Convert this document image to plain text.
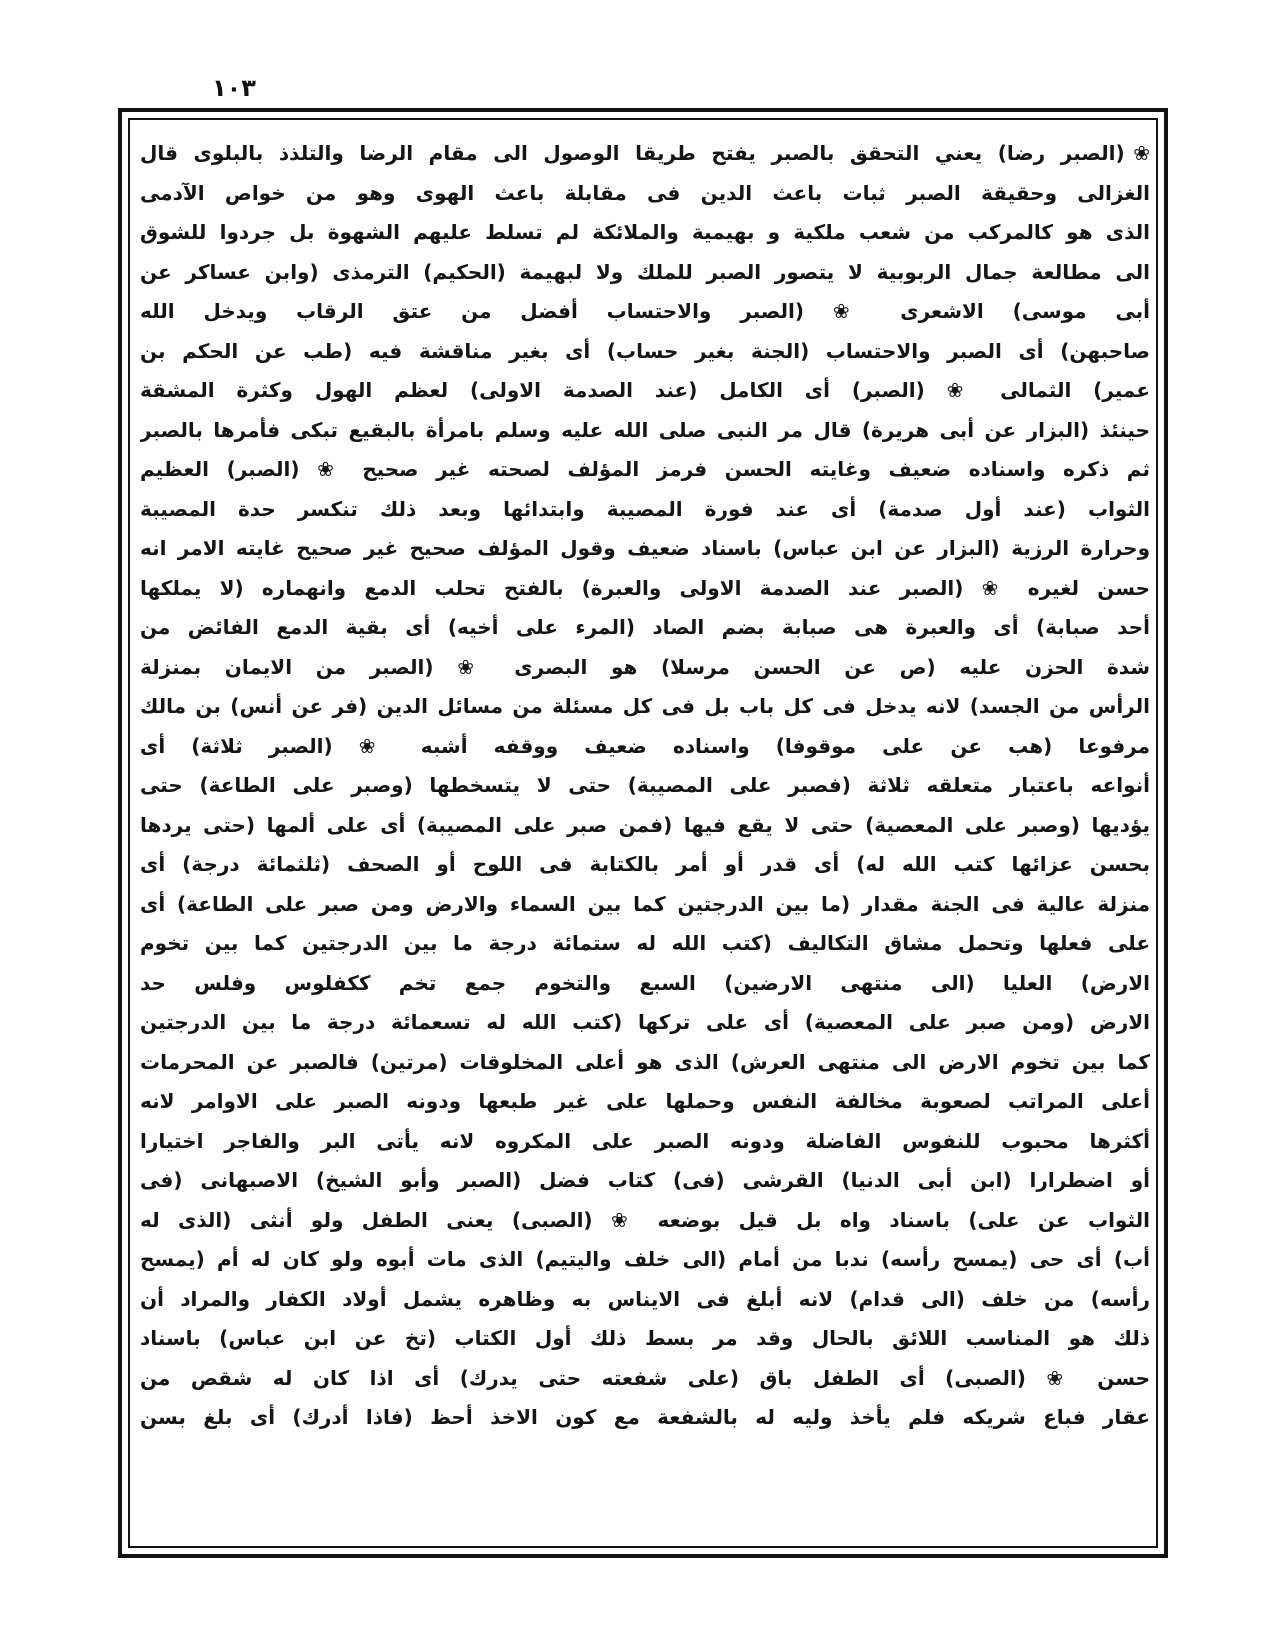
١٠٣
❀(الصبر رضا) يعني التحقق بالصبر يفتح طريقا الوصول الى مقام الرضا والتلذذ بالبلوى قال
الغزالى وحقيقة الصبر ثبات باعث الدين فى مقابلة باعث الهوى وهو من خواص الآدمى
الذى هو كالمركب من شعب ملكية و بهيمية والملائكة لم تسلط عليهم الشهوة بل جردوا للشوق
الى مطالعة جمال الربوبية لا يتصور الصبر للملك ولا لبهيمة (الحكيم) الترمذى (وابن عساكر عن
أبى موسى) الاشعرى ❀ (الصبر والاحتساب أفضل من عتق الرقاب ويدخل الله
صاحبهن) أى الصبر والاحتساب (الجنة بغير حساب) أى بغير مناقشة فيه (طب عن الحكم بن
عمير) الثمالى ❀ (الصبر) أى الكامل (عند الصدمة الاولى) لعظم الهول وكثرة المشقة
حينئذ (البزار عن أبى هريرة) قال مر النبى صلى الله عليه وسلم بامرأة بالبقيع تبكى فأمرها بالصبر
ثم ذكره واسناده ضعيف وغايته الحسن فرمز المؤلف لصحته غير صحيح ❀ (الصبر) العظيم
الثواب (عند أول صدمة) أى عند فورة المصيبة وابتدائها وبعد ذلك تنكسر حدة المصيبة
وحرارة الرزية (البزار عن ابن عباس) باسناد ضعيف وقول المؤلف صحيح غير صحيح غايته الامر انه
حسن لغيره ❀ (الصبر عند الصدمة الاولى والعبرة) بالفتح تحلب الدمع وانهماره (لا يملكها
أحد صبابة) أى والعبرة هى صبابة بضم الصاد (المرء على أخيه) أى بقية الدمع الفائض من
شدة الحزن عليه (ص عن الحسن مرسلا) هو البصرى ❀ (الصبر من الايمان بمنزلة
الرأس من الجسد) لانه يدخل فى كل باب بل فى كل مسئلة من مسائل الدين (فر عن أنس) بن مالك
مرفوعا (هب عن على موقوفا) واسناده ضعيف ووقفه أشبه ❀ (الصبر ثلاثة) أى
أنواعه باعتبار متعلقه ثلاثة (فصبر على المصيبة) حتى لا يتسخطها (وصبر على الطاعة) حتى
يؤديها (وصبر على المعصية) حتى لا يقع فيها (فمن صبر على المصيبة) أى على ألمها (حتى يردها
بحسن عزائها كتب الله له) أى قدر أو أمر بالكتابة فى اللوح أو الصحف (ثلثمائة درجة) أى
منزلة عالية فى الجنة مقدار (ما بين الدرجتين كما بين السماء والارض ومن صبر على الطاعة) أى
على فعلها وتحمل مشاق التكاليف (كتب الله له ستمائة درجة ما بين الدرجتين كما بين تخوم
الارض) العليا (الى منتهى الارضين) السبع والتخوم جمع تخم ككفلوس وفلس حد
الارض (ومن صبر على المعصية) أى على تركها (كتب الله له تسعمائة درجة ما بين الدرجتين
كما بين تخوم الارض الى منتهى العرش) الذى هو أعلى المخلوقات (مرتين) فالصبر عن المحرمات
أعلى المراتب لصعوبة مخالفة النفس وحملها على غير طبعها ودونه الصبر على الاوامر لانه
أكثرها محبوب للنفوس الفاضلة ودونه الصبر على المكروه لانه يأتى البر والفاجر اختيارا
أو اضطرارا (ابن أبى الدنيا) القرشى (فى) كتاب فضل (الصبر وأبو الشيخ) الاصبهانى (فى
الثواب عن على) باسناد واه بل قيل بوضعه ❀ (الصبى) يعنى الطفل ولو أنثى (الذى له
أب) أى حى (يمسح رأسه) ندبا من أمام (الى خلف واليتيم) الذى مات أبوه ولو كان له أم (يمسح
رأسه) من خلف (الى قدام) لانه أبلغ فى الايناس به وظاهره يشمل أولاد الكفار والمراد أن
ذلك هو المناسب اللائق بالحال وقد مر بسط ذلك أول الكتاب (تخ عن ابن عباس) باسناد
حسن ❀ (الصبى) أى الطفل باق (على شفعته حتى يدرك) أى اذا كان له شقص من
عقار فباع شريكه فلم يأخذ وليه له بالشفعة مع كون الاخذ أحظ (فاذا أدرك) أى بلغ بسن
